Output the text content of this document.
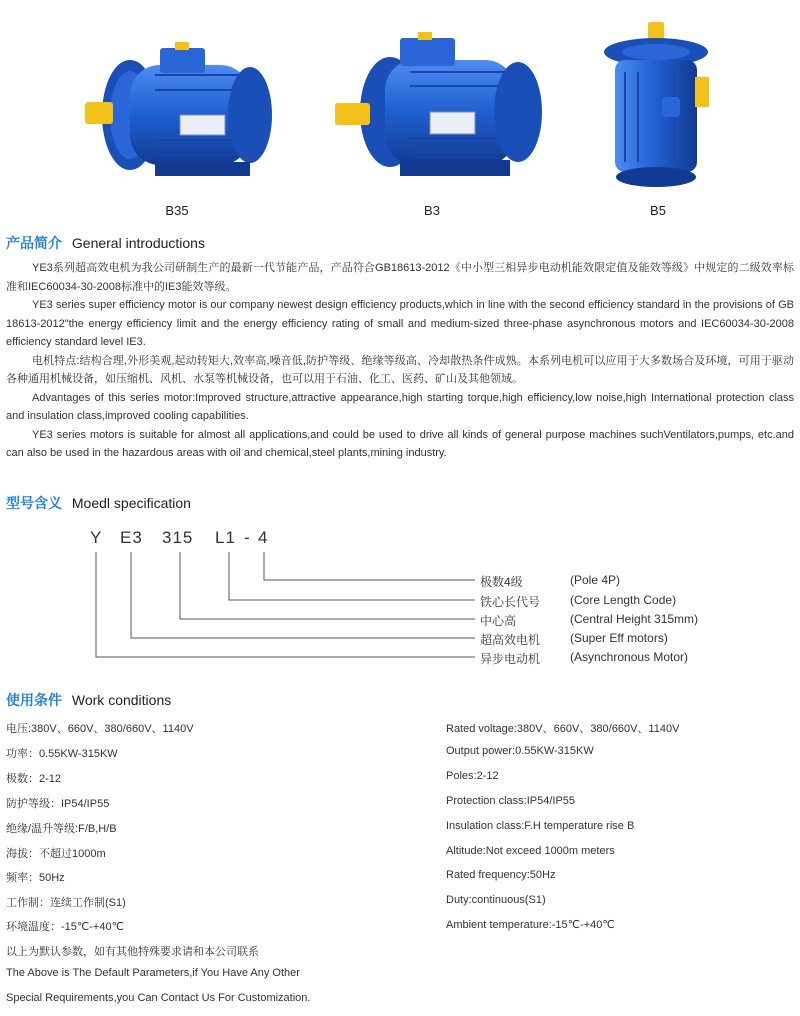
B35	B3	B5
产品简介 General introductions

YE3系列超高效电机为我公司研制生产的最新一代节能产品，产品符合GB18613-2012《中小型三相异步电动机能效限定值及能效等级》中规定的二级效率标准和IEC60034-30-2008标准中的IE3能效等级。

YE3 series super efficiency motor is our company newest design efficiency products,which in line with the second efficiency standard in the provisions of GB 18613-2012"the energy efficiency limit and the energy efficiency rating of small and medium-sized three-phase asynchronous motors and IEC60034-30-2008 efficiency standard level IE3.

电机特点:结构合理,外形美观,起动转矩大,效率高,噪音低,防护等级、绝缘等级高、冷却散热条件成熟。本系列电机可以应用于大多数场合及环境，可用于驱动各种通用机械设备，如压缩机、风机、水泵等机械设备，也可以用于石油、化工、医药、矿山及其他领域。

Advantages of this series motor:Improved structure,attractive appearance,high starting torque,high efficiency,low noise,high International protection class and insulation class,improved cooling capabilities.

YE3 series motors is suitable for almost all applications,and could be used to drive all kinds of general purpose machines suchVentilators,pumps, etc.and can also be used in the hazardous areas with oil and chemical,steel plants,mining industry.

型号含义 Moedl specification
Y E3 315 L1 - 4
极数4级	(Pole 4P)
铁心长代号 (Core Length Code)
中心高	(Central Height 315mm)
超高效电机 (Super Eff motors)
异步电动机 (Asynchronous Motor)
使用条件 Work conditions
电压:380V、660V、380/660V、1140V
功率：0.55KW-315KW
极数：2-12
防护等级：IP54/IP55
绝缘/温升等级:F/B,H/B
海拔：不超过1000m
频率：50Hz
工作制：连续工作制(S1)
环境温度：-15℃-+40℃
以上为默认参数，如有其他特殊要求请和本公司联系
The Above is The Default Parameters,if You Have Any Other
Special Requirements,you Can Contact Us For Customization.
Rated voltage:380V、660V、380/660V、1140V
Output power:0.55KW-315KW
Poles:2-12
Protection class:IP54/IP55
Insulation class:F.H temperature rise B
Altitude:Not exceed 1000m meters
Rated frequency:50Hz
Duty:continuous(S1)
Ambient temperature:-15℃-+40℃
